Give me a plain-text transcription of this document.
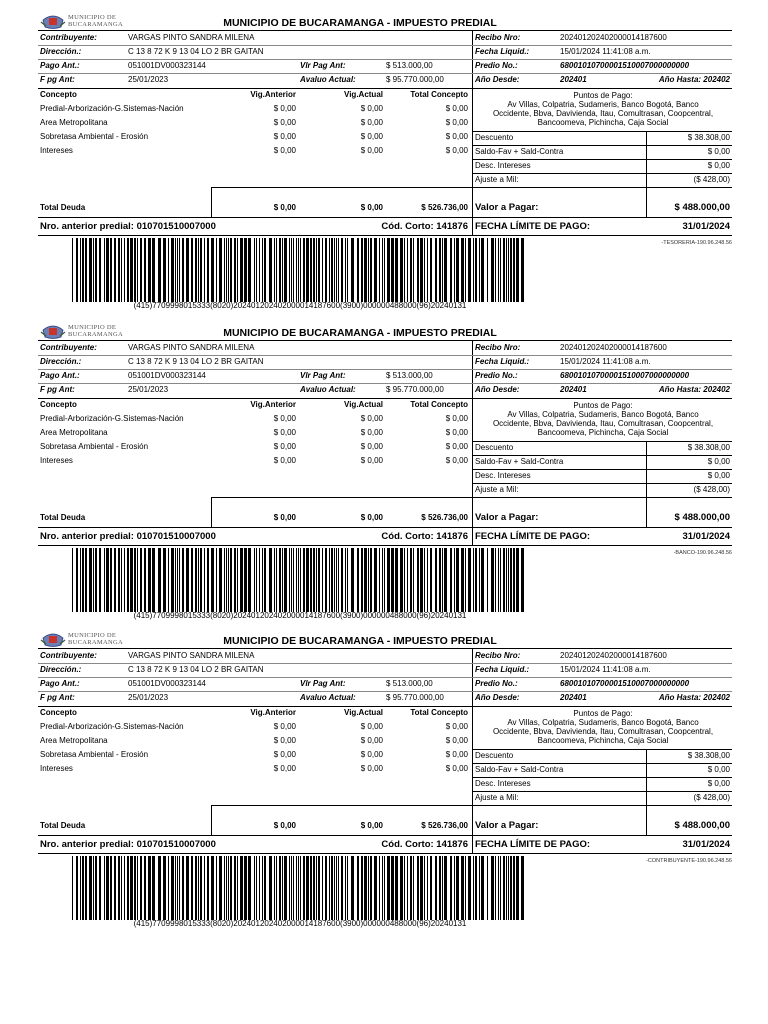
MUNICIPIO DE
BUCARAMANGA	MUNICIPIO DE BUCARAMANGA - IMPUESTO PREDIAL
Contribuyente:	VARGAS PINTO SANDRA MILENA
Dirección.:	C 13 8 72 K 9 13 04 LO 2 BR GAITAN
Pago Ant.:	051001DV000323144	Vlr Pag Ant:	$ 513.000,00
F pg Ant:	25/01/2023	Avaluo Actual:	$ 95.770.000,00
Recibo Nro:	20240120240200001418760​0
Fecha Liquid.:	15/01/2024 11:41:08 a.m.
Predio No.:	680010107000015100070000000​00
Año Desde:	202401	Año Hasta: 202402
Concepto	Vig.Anterior	Vig.Actual	Total Concepto
Predial-Arborización-G.Sistemas-Nación	$ 0,00	$ 0,00	$ 0,00
Area Metropolitana	$ 0,00	$ 0,00	$ 0,00
Sobretasa Ambiental - Erosión	$ 0,00	$ 0,00	$ 0,00
Intereses	$ 0,00	$ 0,00	$ 0,00
Puntos de Pago:
Av Villas, Colpatria, Sudameris, Banco Bogotá, Banco
Occidente, Bbva, Davivienda, Itau, Comultrasan, Coopcentral,
Bancoomeva, Pichincha, Caja Social
Descuento	$ 38.308,00
Saldo-Fav + Sald-Contra	$ 0,00
Desc. Intereses	$ 0,00
Ajuste a Mil:	($ 428,00)
Total Deuda	$ 0,00	$ 0,00	$ 526.736,00 Valor a Pagar:	$ 488.000,00
Nro. anterior predial: 010701510007000	Cód. Corto: 141876 FECHA LÍMITE DE PAGO:	31/01/2024
-TESORERIA-190.96.248.56
(415)7709998015333(8020)20240120240200001418760​0(3900)000000488000(96)20240131
MUNICIPIO DE
BUCARAMANGA	MUNICIPIO DE BUCARAMANGA - IMPUESTO PREDIAL
Contribuyente:	VARGAS PINTO SANDRA MILENA
Dirección.:	C 13 8 72 K 9 13 04 LO 2 BR GAITAN
Pago Ant.:	051001DV000323144	Vlr Pag Ant:	$ 513.000,00
F pg Ant:	25/01/2023	Avaluo Actual:	$ 95.770.000,00
Recibo Nro:	20240120240200001418760​0
Fecha Liquid.:	15/01/2024 11:41:08 a.m.
Predio No.:	680010107000015100070000000​00
Año Desde:	202401	Año Hasta: 202402
Concepto	Vig.Anterior	Vig.Actual	Total Concepto
Predial-Arborización-G.Sistemas-Nación	$ 0,00	$ 0,00	$ 0,00
Area Metropolitana	$ 0,00	$ 0,00	$ 0,00
Sobretasa Ambiental - Erosión	$ 0,00	$ 0,00	$ 0,00
Intereses	$ 0,00	$ 0,00	$ 0,00
Puntos de Pago:
Av Villas, Colpatria, Sudameris, Banco Bogotá, Banco
Occidente, Bbva, Davivienda, Itau, Comultrasan, Coopcentral,
Bancoomeva, Pichincha, Caja Social
Descuento	$ 38.308,00
Saldo-Fav + Sald-Contra	$ 0,00
Desc. Intereses	$ 0,00
Ajuste a Mil:	($ 428,00)
Total Deuda	$ 0,00	$ 0,00	$ 526.736,00 Valor a Pagar:	$ 488.000,00
Nro. anterior predial: 010701510007000	Cód. Corto: 141876 FECHA LÍMITE DE PAGO:	31/01/2024
-BANCO-190.96.248.56
(415)7709998015333(8020)20240120240200001418760​0(3900)000000488000(96)20240131
MUNICIPIO DE
BUCARAMANGA	MUNICIPIO DE BUCARAMANGA - IMPUESTO PREDIAL
Contribuyente:	VARGAS PINTO SANDRA MILENA
Dirección.:	C 13 8 72 K 9 13 04 LO 2 BR GAITAN
Pago Ant.:	051001DV000323144	Vlr Pag Ant:	$ 513.000,00
F pg Ant:	25/01/2023	Avaluo Actual:	$ 95.770.000,00
Recibo Nro:	20240120240200001418760​0
Fecha Liquid.:	15/01/2024 11:41:08 a.m.
Predio No.:	680010107000015100070000000​00
Año Desde:	202401	Año Hasta: 202402
Concepto	Vig.Anterior	Vig.Actual	Total Concepto
Predial-Arborización-G.Sistemas-Nación	$ 0,00	$ 0,00	$ 0,00
Area Metropolitana	$ 0,00	$ 0,00	$ 0,00
Sobretasa Ambiental - Erosión	$ 0,00	$ 0,00	$ 0,00
Intereses	$ 0,00	$ 0,00	$ 0,00
Puntos de Pago:
Av Villas, Colpatria, Sudameris, Banco Bogotá, Banco
Occidente, Bbva, Davivienda, Itau, Comultrasan, Coopcentral,
Bancoomeva, Pichincha, Caja Social
Descuento	$ 38.308,00
Saldo-Fav + Sald-Contra	$ 0,00
Desc. Intereses	$ 0,00
Ajuste a Mil:	($ 428,00)
Total Deuda	$ 0,00	$ 0,00	$ 526.736,00 Valor a Pagar:	$ 488.000,00
Nro. anterior predial: 010701510007000	Cód. Corto: 141876 FECHA LÍMITE DE PAGO:	31/01/2024
-CONTRIBUYENTE-190.96.248.56
(415)7709998015333(8020)20240120240200001418760​0(3900)000000488000(96)20240131
